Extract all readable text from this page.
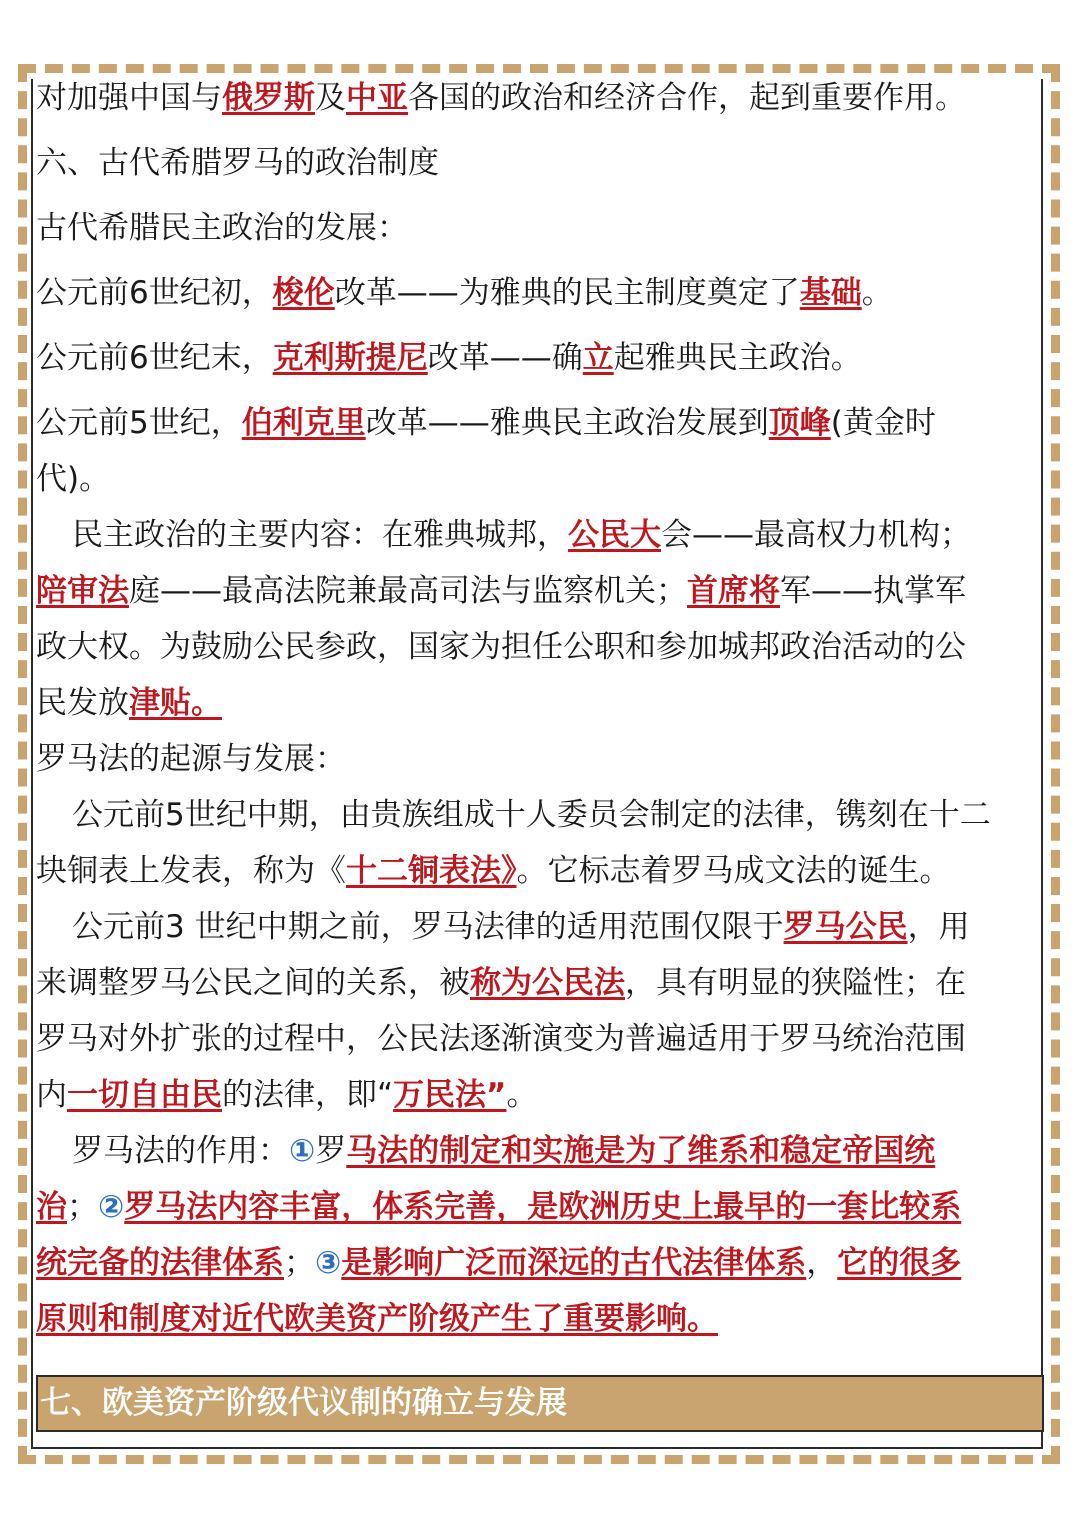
对加强中国与俄罗斯及中亚各国的政治和经济合作，起到重要作用。
六、古代希腊罗马的政治制度
古代希腊民主政治的发展：
公元前6世纪初，梭伦改革——为雅典的民主制度奠定了基础。
公元前6世纪末，克利斯提尼改革——确立起雅典民主政治。
公元前5世纪，伯利克里改革——雅典民主政治发展到顶峰(黄金时
代)。
民主政治的主要内容：在雅典城邦，公民大会——最高权力机构；
陪审法庭——最高法院兼最高司法与监察机关；首席将军——执掌军
政大权。为鼓励公民参政，国家为担任公职和参加城邦政治活动的公
民发放津贴。
罗马法的起源与发展：
公元前5世纪中期，由贵族组成十人委员会制定的法律，镌刻在十二
块铜表上发表，称为《十二铜表法》。它标志着罗马成文法的诞生。
公元前3 世纪中期之前，罗马法律的适用范围仅限于罗马公民，用
来调整罗马公民之间的关系，被称为公民法，具有明显的狭隘性；在
罗马对外扩张的过程中，公民法逐渐演变为普遍适用于罗马统治范围
内一切自由民的法律，即“万民法”。
罗马法的作用：①罗马法的制定和实施是为了维系和稳定帝国统
治；②罗马法内容丰富，体系完善，是欧洲历史上最早的一套比较系
统完备的法律体系；③是影响广泛而深远的古代法律体系，它的很多
原则和制度对近代欧美资产阶级产生了重要影响。
七、欧美资产阶级代议制的确立与发展
